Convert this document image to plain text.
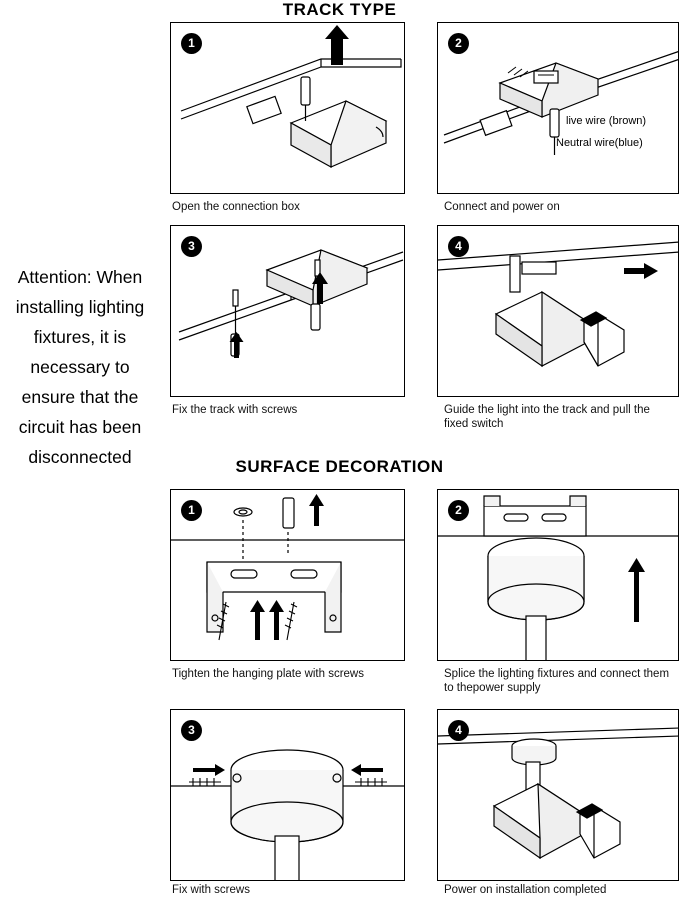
TRACK TYPE
Attention: When installing lighting fixtures, it is necessary to ensure that the circuit has been disconnected
1
Open the connection box
2
live wire (brown)
Neutral wire(blue)
Connect and power on
3
Fix the track with screws
4
Guide the light into the track and pull the fixed switch
SURFACE DECORATION
1
Tighten the hanging plate with screws
2
Splice the lighting fixtures and connect them to thepower supply
3
Fix with screws
4
Power on installation completed
